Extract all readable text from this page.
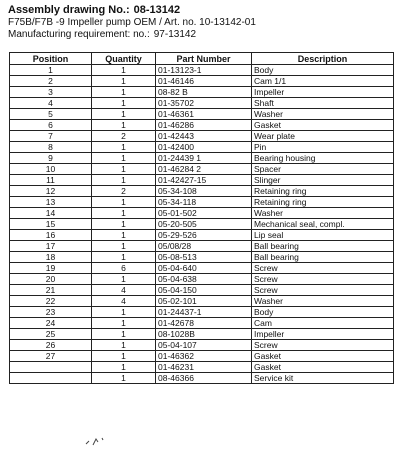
Assembly drawing No.: 08-13142
F75B/F7B -9 Impeller pump OEM / Art. no. 10-13142-01
Manufacturing requirement: no.: 97-13142
Position	Quantity	Part Number	Description
1	1	01-13123-1	Body
2	1	01-46146	Cam 1/1
3	1	08-82 B	Impeller
4	1	01-35702	Shaft
5	1	01-46361	Washer
6	1	01-46286	Gasket
7	2	01-42443	Wear plate
8	1	01-42400	Pin
9	1	01-24439 1	Bearing housing
10	1	01-46284 2	Spacer
11	1	01-42427-15	Slinger
12	2	05-34-108	Retaining ring
13	1	05-34-118	Retaining ring
14	1	05-01-502	Washer
15	1	05-20-505	Mechanical seal, compl.
16	1	05-29-526	Lip seal
17	1	05/08/28	Ball bearing
18	1	05-08-513	Ball bearing
19	6	05-04-640	Screw
20	1	05-04-638	Screw
21	4	05-04-150	Screw
22	4	05-02-101	Washer
23	1	01-24437-1	Body
24	1	01-42678	Cam
25	1	08-1028B	Impeller
26	1	05-04-107	Screw
27	1	01-46362	Gasket
	1	01-46231	Gasket
	1	08-46366	Service kit
